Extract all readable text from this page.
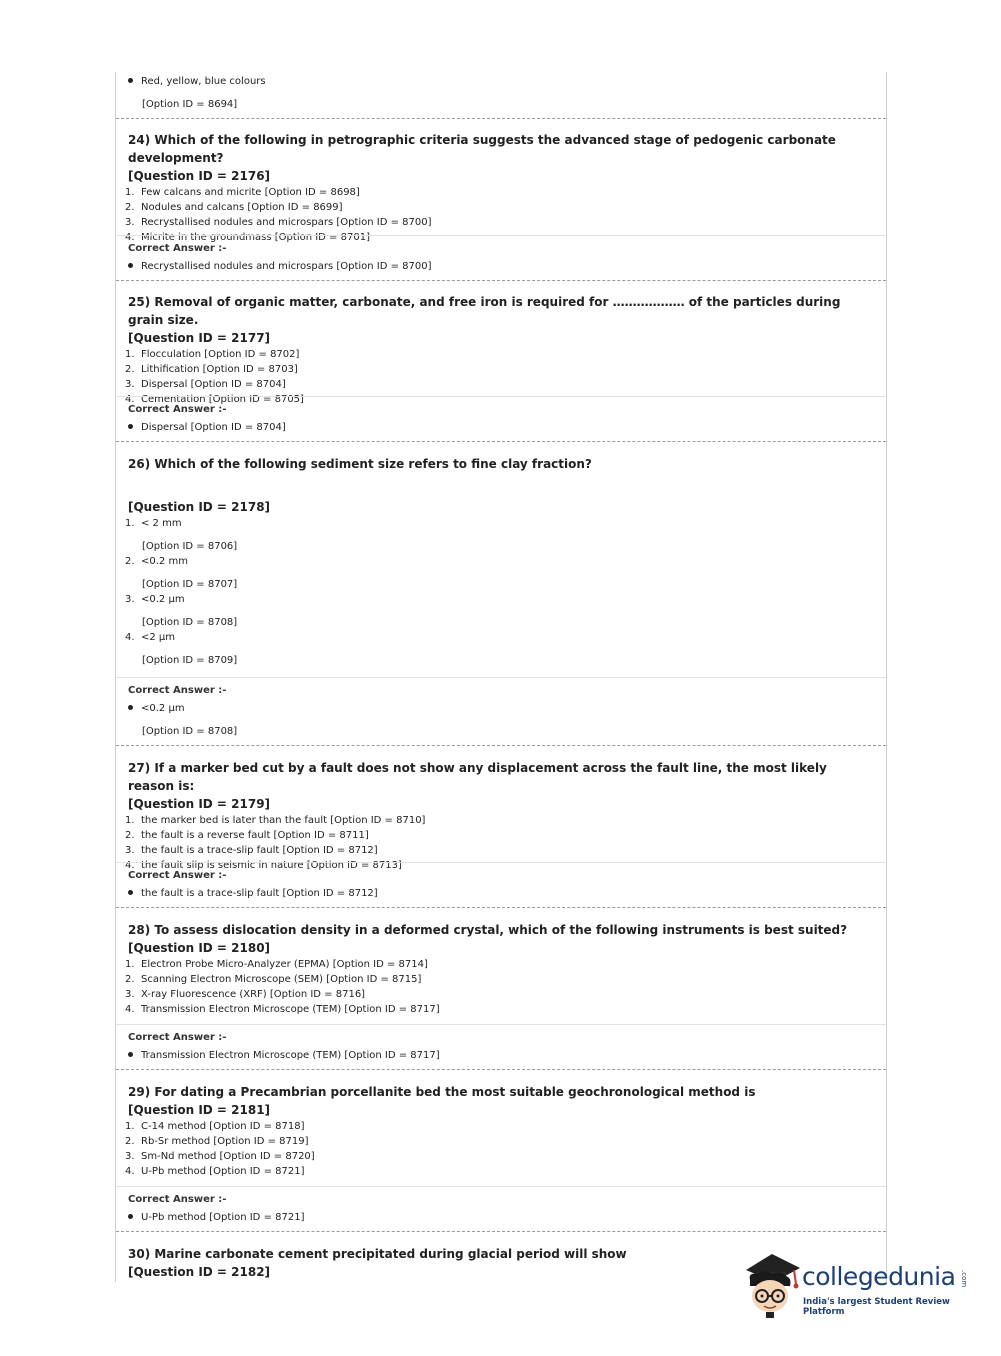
Red, yellow, blue colours
[Option ID = 8694]
24) Which of the following in petrographic criteria suggests the advanced stage of pedogenic carbonate development?
[Question ID = 2176]
1. Few calcans and micrite [Option ID = 8698]
2. Nodules and calcans [Option ID = 8699]
3. Recrystallised nodules and microspars [Option ID = 8700]
4. Micrite in the groundmass [Option ID = 8701]
Correct Answer :-
Recrystallised nodules and microspars [Option ID = 8700]
25) Removal of organic matter, carbonate, and free iron is required for ……………… of the particles during grain size.
[Question ID = 2177]
1. Flocculation [Option ID = 8702]
2. Lithification [Option ID = 8703]
3. Dispersal [Option ID = 8704]
4. Cementation [Option ID = 8705]
Correct Answer :-
Dispersal [Option ID = 8704]
26) Which of the following sediment size refers to fine clay fraction?
[Question ID = 2178]
1. < 2 mm
[Option ID = 8706]
2. <0.2 mm
[Option ID = 8707]
3. <0.2 µm
[Option ID = 8708]
4. <2 µm
[Option ID = 8709]
Correct Answer :-
<0.2 µm
[Option ID = 8708]
27) If a marker bed cut by a fault does not show any displacement across the fault line, the most likely reason is:
[Question ID = 2179]
1. the marker bed is later than the fault [Option ID = 8710]
2. the fault is a reverse fault [Option ID = 8711]
3. the fault is a trace-slip fault [Option ID = 8712]
4. the fault slip is seismic in nature [Option ID = 8713]
Correct Answer :-
the fault is a trace-slip fault [Option ID = 8712]
28) To assess dislocation density in a deformed crystal, which of the following instruments is best suited?
[Question ID = 2180]
1. Electron Probe Micro-Analyzer (EPMA) [Option ID = 8714]
2. Scanning Electron Microscope (SEM) [Option ID = 8715]
3. X-ray Fluorescence (XRF) [Option ID = 8716]
4. Transmission Electron Microscope (TEM) [Option ID = 8717]
Correct Answer :-
Transmission Electron Microscope (TEM) [Option ID = 8717]
29) For dating a Precambrian porcellanite bed the most suitable geochronological method is
[Question ID = 2181]
1. C-14 method [Option ID = 8718]
2. Rb-Sr method [Option ID = 8719]
3. Sm-Nd method [Option ID = 8720]
4. U-Pb method [Option ID = 8721]
Correct Answer :-
U-Pb method [Option ID = 8721]
30) Marine carbonate cement precipitated during glacial period will show
[Question ID = 2182]	collegedunia .com
India's largest Student Review Platform
